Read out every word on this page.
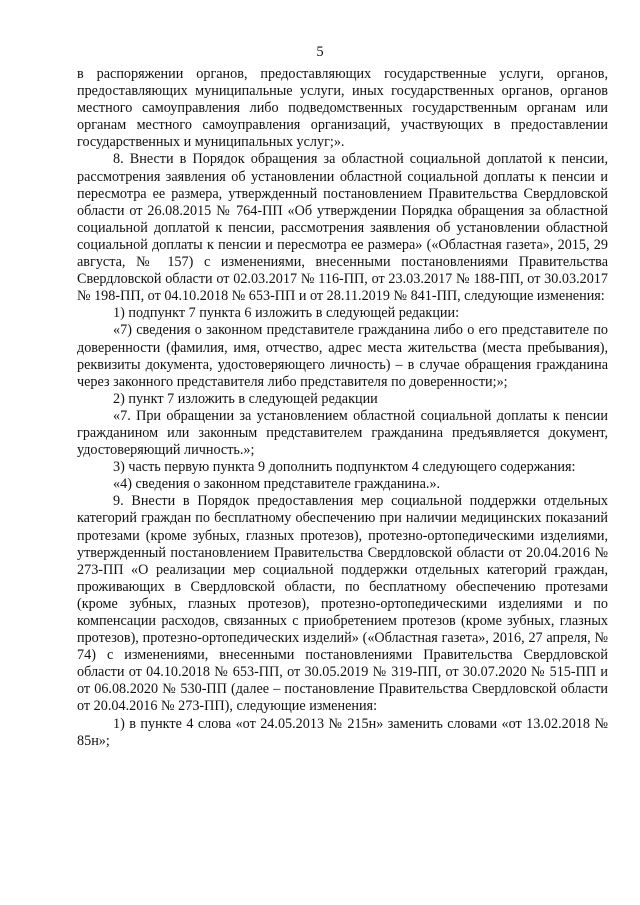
5

в распоряжении органов, предоставляющих государственные услуги, органов, предоставляющих муниципальные услуги, иных государственных органов, органов местного самоуправления либо подведомственных государственным органам или органам местного самоуправления организаций, участвующих в предоставлении государственных и муниципальных услуг;».

8. Внести в Порядок обращения за областной социальной доплатой к пенсии, рассмотрения заявления об установлении областной социальной доплаты к пенсии и пересмотра ее размера, утвержденный постановлением Правительства Свердловской области от 26.08.2015 № 764-ПП «Об утверждении Порядка обращения за областной социальной доплатой к пенсии, рассмотрения заявления об установлении областной социальной доплаты к пенсии и пересмотра ее размера» («Областная газета», 2015, 29 августа, № 157) с изменениями, внесенными постановлениями Правительства Свердловской области от 02.03.2017 № 116-ПП, от 23.03.2017 № 188-ПП, от 30.03.2017 № 198-ПП, от 04.10.2018 № 653-ПП и от 28.11.2019 № 841-ПП, следующие изменения:

1) подпункт 7 пункта 6 изложить в следующей редакции:

«7) сведения о законном представителе гражданина либо о его представителе по доверенности (фамилия, имя, отчество, адрес места жительства (места пребывания), реквизиты документа, удостоверяющего личность) – в случае обращения гражданина через законного представителя либо представителя по доверенности;»;

2) пункт 7 изложить в следующей редакции

«7. При обращении за установлением областной социальной доплаты к пенсии гражданином или законным представителем гражданина предъявляется документ, удостоверяющий личность.»;

3) часть первую пункта 9 дополнить подпунктом 4 следующего содержания:

«4) сведения о законном представителе гражданина.».

9. Внести в Порядок предоставления мер социальной поддержки отдельных категорий граждан по бесплатному обеспечению при наличии медицинских показаний протезами (кроме зубных, глазных протезов), протезно-ортопедическими изделиями, утвержденный постановлением Правительства Свердловской области от 20.04.2016 № 273-ПП «О реализации мер социальной поддержки отдельных категорий граждан, проживающих в Свердловской области, по бесплатному обеспечению протезами (кроме зубных, глазных протезов), протезно-ортопедическими изделиями и по компенсации расходов, связанных с приобретением протезов (кроме зубных, глазных протезов), протезно-ортопедических изделий» («Областная газета», 2016, 27 апреля, № 74) с изменениями, внесенными постановлениями Правительства Свердловской области от 04.10.2018 № 653-ПП, от 30.05.2019 № 319-ПП, от 30.07.2020 № 515-ПП и от 06.08.2020 № 530-ПП (далее – постановление Правительства Свердловской области от 20.04.2016 № 273-ПП), следующие изменения:

1) в пункте 4 слова «от 24.05.2013 № 215н» заменить словами «от 13.02.2018 № 85н»;
